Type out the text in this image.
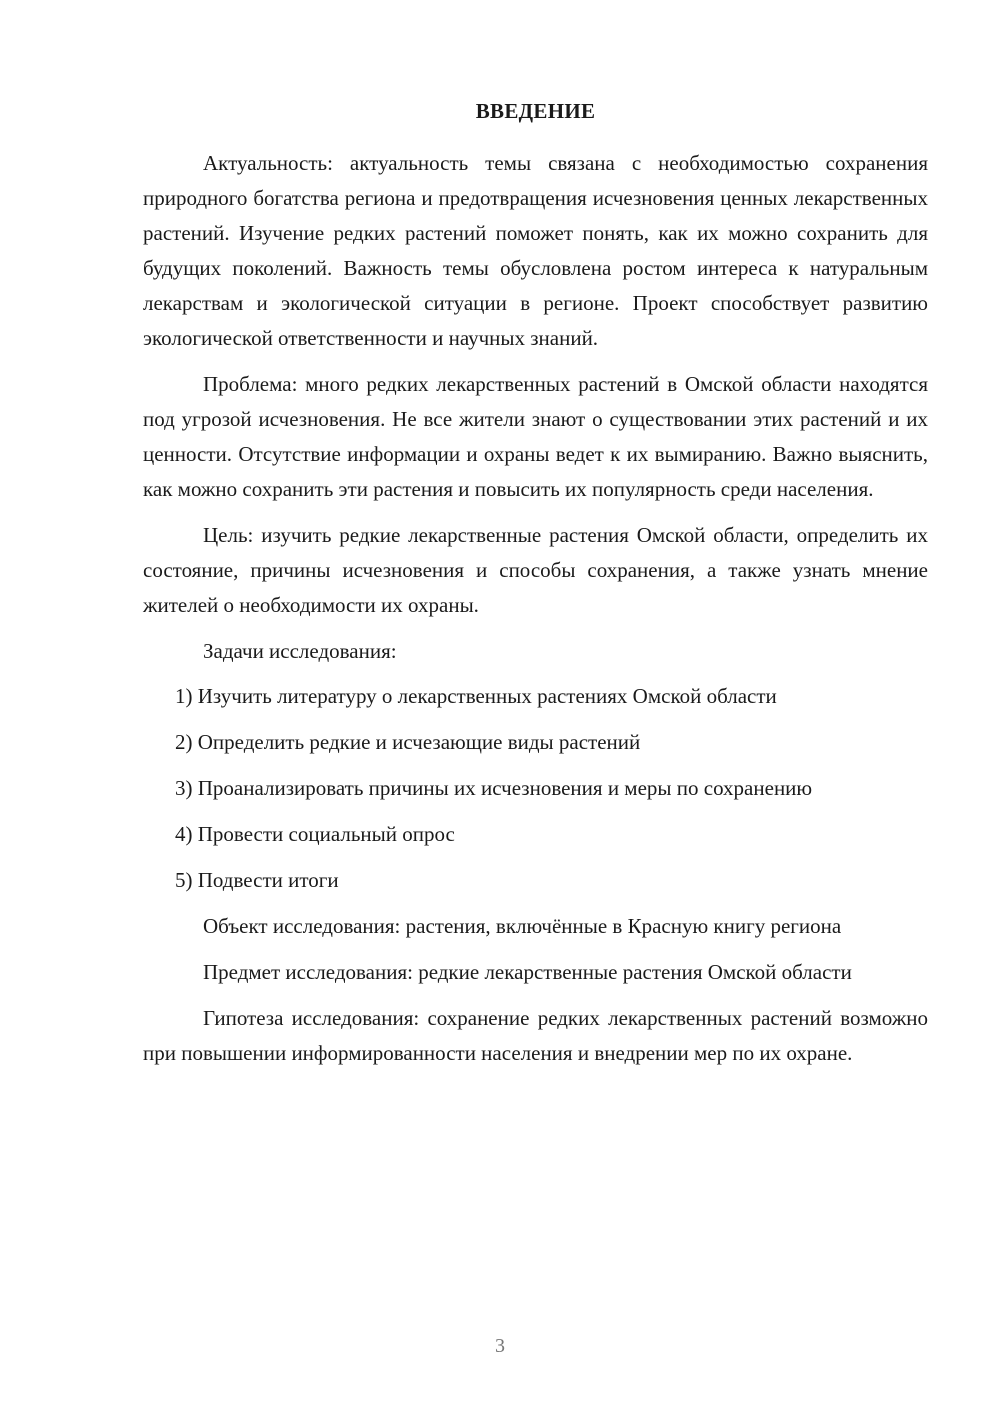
ВВЕДЕНИЕ

Актуальность: актуальность темы связана с необходимостью сохранения природного богатства региона и предотвращения исчезновения ценных лекарственных растений. Изучение редких растений поможет понять, как их можно сохранить для будущих поколений. Важность темы обусловлена ростом интереса к натуральным лекарствам и экологической ситуации в регионе. Проект способствует развитию экологической ответственности и научных знаний.

Проблема: много редких лекарственных растений в Омской области находятся под угрозой исчезновения. Не все жители знают о существовании этих растений и их ценности. Отсутствие информации и охраны ведет к их вымиранию. Важно выяснить, как можно сохранить эти растения и повысить их популярность среди населения.

Цель: изучить редкие лекарственные растения Омской области, определить их состояние, причины исчезновения и способы сохранения, а также узнать мнение жителей о необходимости их охраны.

Задачи исследования:

1) Изучить литературу о лекарственных растениях Омской области

2) Определить редкие и исчезающие виды растений

3) Проанализировать причины их исчезновения и меры по сохранению

4) Провести социальный опрос

5) Подвести итоги

Объект исследования: растения, включённые в Красную книгу региона

Предмет исследования: редкие лекарственные растения Омской области

Гипотеза исследования: сохранение редких лекарственных растений возможно при повышении информированности населения и внедрении мер по их охране.

3
